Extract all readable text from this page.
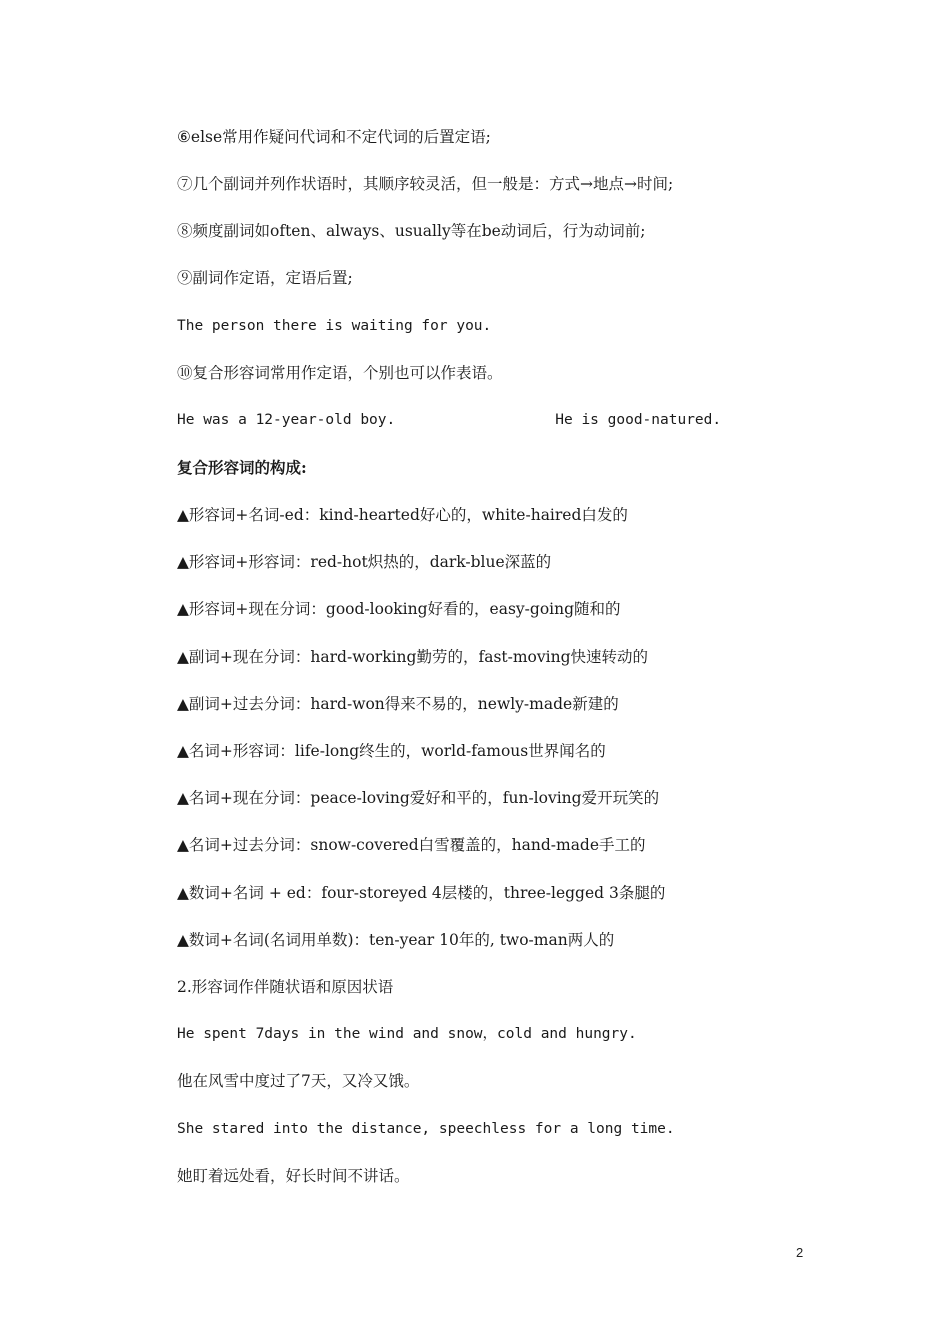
⑥else常用作疑问代词和不定代词的后置定语;
⑦几个副词并列作状语时，其顺序较灵活，但一般是：方式→地点→时间;
⑧频度副词如often、always、usually等在be动词后，行为动词前;
⑨副词作定语，定语后置;
The person there is waiting for you.
⑩复合形容词常用作定语，个别也可以作表语。
He was a 12-year-old boy.	He is good-natured.
复合形容词的构成:
▲形容词+名词-ed：kind-hearted好心的，white-haired白发的
▲形容词+形容词：red-hot炽热的，dark-blue深蓝的
▲形容词+现在分词：good-looking好看的，easy-going随和的
▲副词+现在分词：hard-working勤劳的，fast-moving快速转动的
▲副词+过去分词：hard-won得来不易的，newly-made新建的
▲名词+形容词：life-long终生的，world-famous世界闻名的
▲名词+现在分词：peace-loving爱好和平的，fun-loving爱开玩笑的
▲名词+过去分词：snow-covered白雪覆盖的，hand-made手工的
▲数词+名词 + ed：four-storeyed 4层楼的，three-legged 3条腿的
▲数词+名词(名词用单数)：ten-year 10年的, two-man两人的
2.形容词作伴随状语和原因状语
He spent 7days in the wind and snow，cold and hungry.
他在风雪中度过了7天，又冷又饿。
She stared into the distance, speechless for a long time.
她盯着远处看，好长时间不讲话。
2
